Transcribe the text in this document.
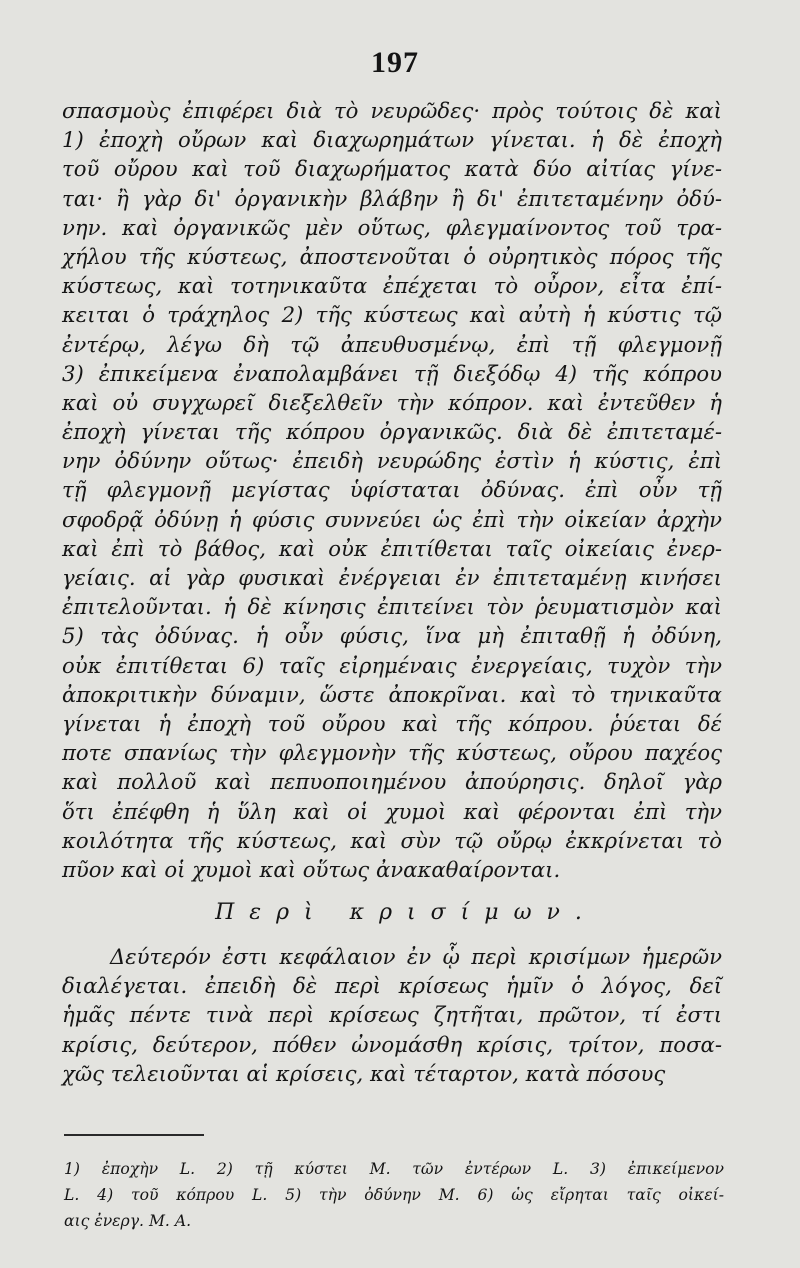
197
σπασμοὺς ἐπιφέρει διὰ τὸ νευρῶδες· πρὸς τούτοις δὲ καὶ
1) ἐποχὴ οὔρων καὶ διαχωρημάτων γίνεται. ἡ δὲ ἐποχὴ
τοῦ οὔρου καὶ τοῦ διαχωρήματος κατὰ δύο αἰτίας γίνε-
ται· ἢ γὰρ δι' ὀργανικὴν βλάβην ἢ δι' ἐπιτεταμένην ὀδύ-
νην. καὶ ὀργανικῶς μὲν οὕτως, φλεγμαίνοντος τοῦ τρα-
χήλου τῆς κύστεως, ἀποστενοῦται ὁ οὐρητικὸς πόρος τῆς
κύστεως, καὶ τοτηνικαῦτα ἐπέχεται τὸ οὖρον, εἶτα ἐπί-
κειται ὁ τράχηλος 2) τῆς κύστεως καὶ αὐτὴ ἡ κύστις τῷ
ἐντέρῳ, λέγω δὴ τῷ ἀπευθυσμένῳ, ἐπὶ τῇ φλεγμονῇ
3) ἐπικείμενα ἐναπολαμβάνει τῇ διεξόδῳ 4) τῆς κόπρου
καὶ οὐ συγχωρεῖ διεξελθεῖν τὴν κόπρον. καὶ ἐντεῦθεν ἡ
ἐποχὴ γίνεται τῆς κόπρου ὀργανικῶς. διὰ δὲ ἐπιτεταμέ-
νην ὀδύνην οὕτως· ἐπειδὴ νευρώδης ἐστὶν ἡ κύστις, ἐπὶ
τῇ φλεγμονῇ μεγίστας ὑφίσταται ὀδύνας. ἐπὶ οὖν τῇ
σφοδρᾷ ὀδύνῃ ἡ φύσις συννεύει ὡς ἐπὶ τὴν οἰκείαν ἀρχὴν
καὶ ἐπὶ τὸ βάθος, καὶ οὐκ ἐπιτίθεται ταῖς οἰκείαις ἐνερ-
γείαις. αἱ γὰρ φυσικαὶ ἐνέργειαι ἐν ἐπιτεταμένῃ κινήσει
ἐπιτελοῦνται. ἡ δὲ κίνησις ἐπιτείνει τὸν ῥευματισμὸν καὶ
5) τὰς ὀδύνας. ἡ οὖν φύσις, ἵνα μὴ ἐπιταθῇ ἡ ὀδύνη,
οὐκ ἐπιτίθεται 6) ταῖς εἰρημέναις ἐνεργείαις, τυχὸν τὴν
ἀποκριτικὴν δύναμιν, ὥστε ἀποκρῖναι. καὶ τὸ τηνικαῦτα
γίνεται ἡ ἐποχὴ τοῦ οὔρου καὶ τῆς κόπρου. ῥύεται δέ
ποτε σπανίως τὴν φλεγμονὴν τῆς κύστεως, οὔρου παχέος
καὶ πολλοῦ καὶ πεπυοποιημένου ἀπούρησις. δηλοῖ γὰρ
ὅτι ἐπέφθη ἡ ὕλη καὶ οἱ χυμοὶ καὶ φέρονται ἐπὶ τὴν
κοιλότητα τῆς κύστεως, καὶ σὺν τῷ οὔρῳ ἐκκρίνεται τὸ
πῦον καὶ οἱ χυμοὶ καὶ οὕτως ἀνακαθαίρονται.
Περὶ κρισίμων.
Δεύτερόν ἐστι κεφάλαιον ἐν ᾧ περὶ κρισίμων ἡμερῶν
διαλέγεται. ἐπειδὴ δὲ περὶ κρίσεως ἡμῖν ὁ λόγος, δεῖ
ἡμᾶς πέντε τινὰ περὶ κρίσεως ζητῆται, πρῶτον, τί ἐστι
κρίσις, δεύτερον, πόθεν ὠνομάσθη κρίσις, τρίτον, ποσα-
χῶς τελειοῦνται αἱ κρίσεις, καὶ τέταρτον, κατὰ πόσους
1) ἐποχὴν L. 2) τῇ κύστει M. τῶν ἐντέρων L. 3) ἐπικείμενον
L. 4) τοῦ κόπρου L. 5) τὴν ὀδύνην M. 6) ὡς εἴρηται ταῖς οἰκεί-
αις ἐνεργ. M. A.
